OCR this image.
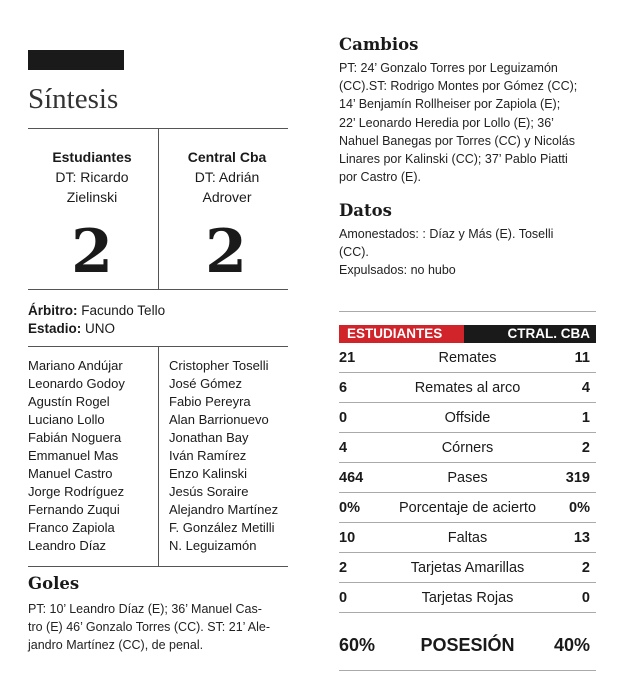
Síntesis
Estudiantes
DT: Ricardo Zielinski
Central Cba
DT: Adrián Adrover
2	2
Árbitro: Facundo Tello
Estadio: UNO
Mariano Andújar
Leonardo Godoy
Agustín Rogel
Luciano Lollo
Fabián Noguera
Emmanuel Mas
Manuel Castro
Jorge Rodríguez
Fernando Zuqui
Franco Zapiola
Leandro Díaz
Cristopher Toselli
José Gómez
Fabio Pereyra
Alan Barrionuevo
Jonathan Bay
Iván Ramírez
Enzo Kalinski
Jesús Soraire
Alejandro Martínez
F. González Metilli
N. Leguizamón
Goles
PT: 10’ Leandro Díaz (E); 36’ Manuel Cas-
tro (E) 46’ Gonzalo Torres (CC). ST: 21’ Ale-
jandro Martínez (CC), de penal.
Cambios
PT: 24’ Gonzalo Torres por Leguizamón
(CC).ST: Rodrigo Montes por Gómez (CC);
14’ Benjamín Rollheiser por Zapiola (E);
22’ Leonardo Heredia por Lollo (E); 36’
Nahuel Banegas por Torres (CC) y Nicolás
Linares por Kalinski (CC); 37’ Pablo Piatti
por Castro (E).
Datos
Amonestados: : Díaz y Más (E). Toselli
(CC).
Expulsados: no hubo
ESTUDIANTES	CTRAL. CBA
21	Remates	11
6	Remates al arco	4
0	Offside	1
4	Córners	2
464	Pases	319
0%	Porcentaje de acierto	0%
10	Faltas	13
2	Tarjetas Amarillas	2
0	Tarjetas Rojas	0
60%	POSESIÓN	40%
